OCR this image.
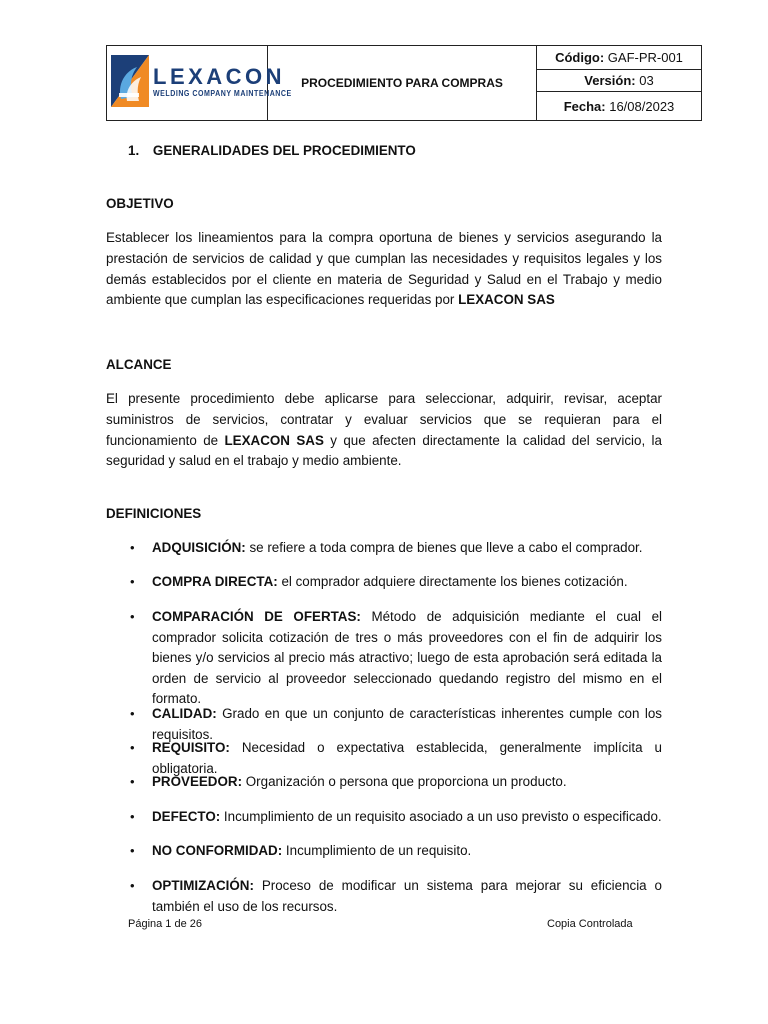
LEXACON
WELDING COMPANY MAINTENANCE
	PROCEDIMIENTO PARA COMPRAS	Código: GAF-PR-001
Versión: 03
Fecha: 16/08/2023
1. GENERALIDADES DEL PROCEDIMIENTO
OBJETIVO
Establecer los lineamientos para la compra oportuna de bienes y servicios asegurando la prestación de servicios de calidad y que cumplan las necesidades y requisitos legales y los demás establecidos por el cliente en materia de Seguridad y Salud en el Trabajo y medio ambiente que cumplan las especificaciones requeridas por LEXACON SAS
ALCANCE
El presente procedimiento debe aplicarse para seleccionar, adquirir, revisar, aceptar suministros de servicios, contratar y evaluar servicios que se requieran para el funcionamiento de LEXACON SAS y que afecten directamente la calidad del servicio, la seguridad y salud en el trabajo y medio ambiente.
DEFINICIONES
• ADQUISICIÓN: se refiere a toda compra de bienes que lleve a cabo el comprador.
• COMPRA DIRECTA: el comprador adquiere directamente los bienes cotización.
• COMPARACIÓN DE OFERTAS: Método de adquisición mediante el cual el comprador solicita cotización de tres o más proveedores con el fin de adquirir los bienes y/o servicios al precio más atractivo; luego de esta aprobación será editada la orden de servicio al proveedor seleccionado quedando registro del mismo en el formato.
• CALIDAD: Grado en que un conjunto de características inherentes cumple con los requisitos.
• REQUISITO: Necesidad o expectativa establecida, generalmente implícita u obligatoria.
• PROVEEDOR: Organización o persona que proporciona un producto.
• DEFECTO: Incumplimiento de un requisito asociado a un uso previsto o especificado.
• NO CONFORMIDAD: Incumplimiento de un requisito.
• OPTIMIZACIÓN: Proceso de modificar un sistema para mejorar su eficiencia o también el uso de los recursos.
Página 1 de 26	Copia Controlada
